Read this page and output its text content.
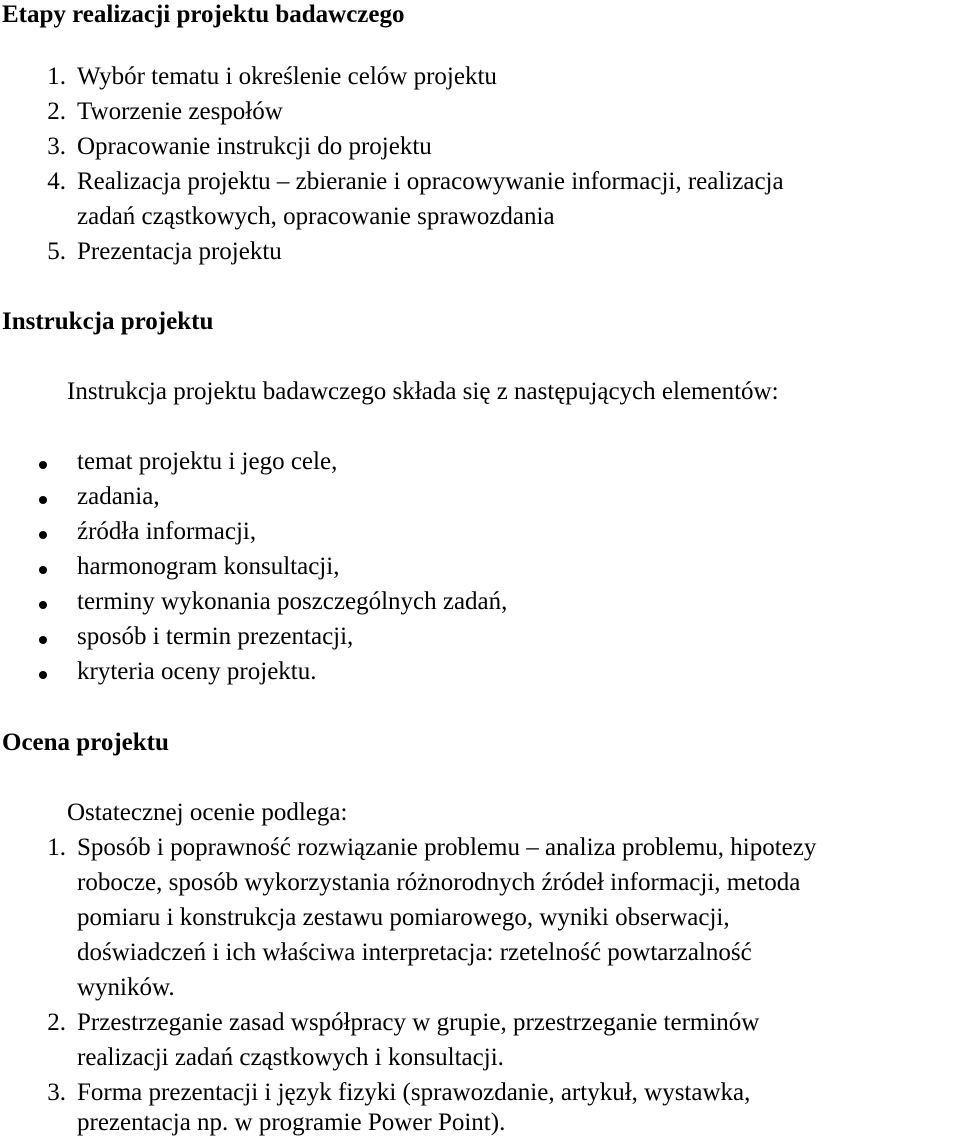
Etapy realizacji projektu badawczego
1. Wybór tematu i określenie celów projektu
2. Tworzenie zespołów
3. Opracowanie instrukcji do projektu
4. Realizacja projektu – zbieranie i opracowywanie informacji, realizacja
zadań cząstkowych, opracowanie sprawozdania
5. Prezentacja projektu
Instrukcja projektu
Instrukcja projektu badawczego składa się z następujących elementów:
temat projektu i jego cele,
zadania,
źródła informacji,
harmonogram konsultacji,
terminy wykonania poszczególnych zadań,
sposób i termin prezentacji,
kryteria oceny projektu.
Ocena projektu
Ostatecznej ocenie podlega:
1. Sposób i poprawność rozwiązanie problemu – analiza problemu, hipotezy
robocze, sposób wykorzystania różnorodnych źródeł informacji, metoda
pomiaru i konstrukcja zestawu pomiarowego, wyniki obserwacji,
doświadczeń i ich właściwa interpretacja: rzetelność powtarzalność
wyników.
2. Przestrzeganie zasad współpracy w grupie, przestrzeganie terminów
realizacji zadań cząstkowych i konsultacji.
3. Forma prezentacji i język fizyki (sprawozdanie, artykuł, wystawka,
prezentacja np. w programie Power Point).
